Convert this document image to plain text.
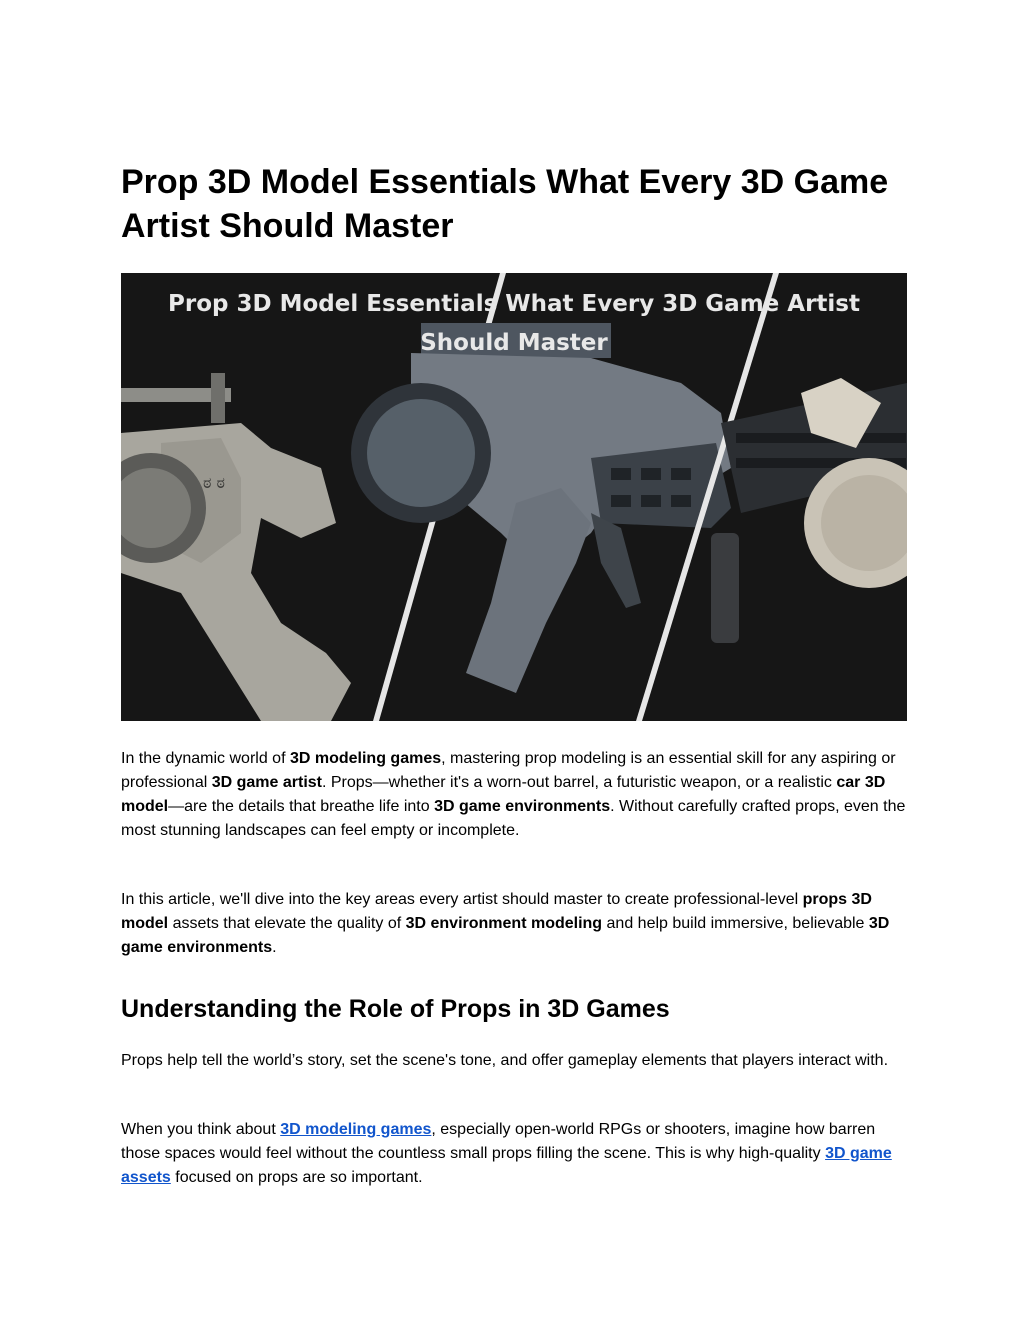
Prop 3D Model Essentials What Every 3D Game Artist Should Master
ಠ ಠ
Prop 3D Model Essentials What Every 3D Game Artist
Should Master

In the dynamic world of 3D modeling games, mastering prop modeling is an essential skill for any aspiring or professional 3D game artist. Props—whether it's a worn-out barrel, a futuristic weapon, or a realistic car 3D model—are the details that breathe life into 3D game environments. Without carefully crafted props, even the most stunning landscapes can feel empty or incomplete.

In this article, we'll dive into the key areas every artist should master to create professional-level props 3D model assets that elevate the quality of 3D environment modeling and help build immersive, believable 3D game environments.

Understanding the Role of Props in 3D Games

Props help tell the world’s story, set the scene's tone, and offer gameplay elements that players interact with.

When you think about 3D modeling games, especially open-world RPGs or shooters, imagine how barren those spaces would feel without the countless small props filling the scene. This is why high-quality 3D game assets focused on props are so important.
